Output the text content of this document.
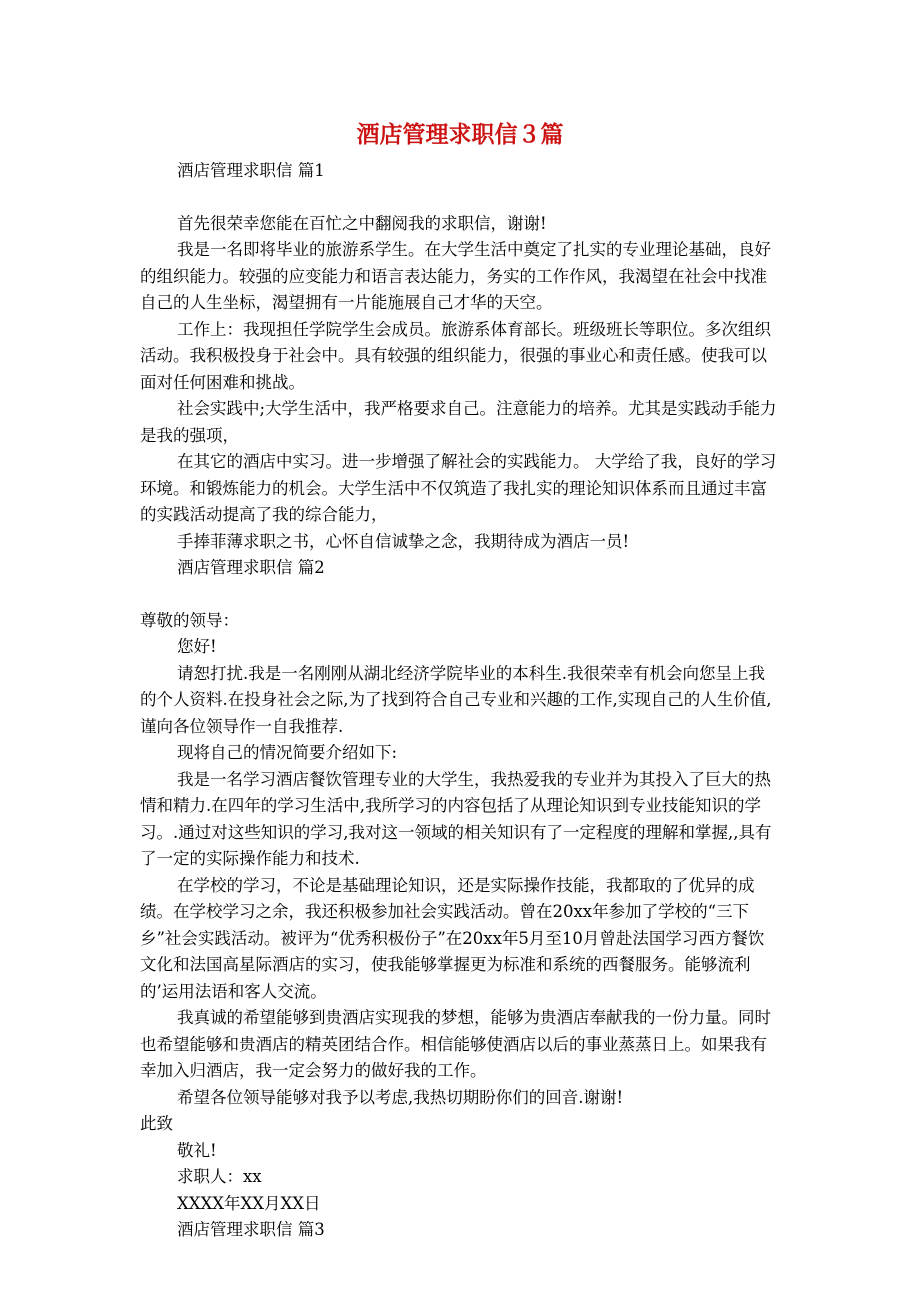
酒店管理求职信３篇

酒店管理求职信 篇1

首先很荣幸您能在百忙之中翻阅我的求职信，谢谢!

我是一名即将毕业的旅游系学生。在大学生活中奠定了扎实的专业理论基础，良好的组织能力。较强的应变能力和语言表达能力，务实的工作作风，我渴望在社会中找准自己的人生坐标，渴望拥有一片能施展自己才华的天空。

工作上：我现担任学院学生会成员。旅游系体育部长。班级班长等职位。多次组织活动。我积极投身于社会中。具有较强的组织能力，很强的事业心和责任感。使我可以面对任何困难和挑战。

社会实践中;大学生活中，我严格要求自己。注意能力的培养。尤其是实践动手能力是我的强项，

在其它的酒店中实习。进一步增强了解社会的实践能力。 大学给了我，良好的学习环境。和锻炼能力的机会。大学生活中不仅筑造了我扎实的理论知识体系而且通过丰富的实践活动提高了我的综合能力，

手捧菲薄求职之书，心怀自信诚挚之念，我期待成为酒店一员!

酒店管理求职信 篇2

尊敬的领导：

您好!

请恕打扰.我是一名刚刚从湖北经济学院毕业的本科生.我很荣幸有机会向您呈上我的个人资料.在投身社会之际,为了找到符合自己专业和兴趣的工作,实现自己的人生价值,谨向各位领导作一自我推荐.

现将自己的情况简要介绍如下:

我是一名学习酒店餐饮管理专业的大学生，我热爱我的专业并为其投入了巨大的热情和精力.在四年的学习生活中,我所学习的内容包括了从理论知识到专业技能知识的学习。.通过对这些知识的学习,我对这一领域的相关知识有了一定程度的理解和掌握,,具有了一定的实际操作能力和技术.

在学校的学习，不论是基础理论知识，还是实际操作技能，我都取的了优异的成绩。在学校学习之余，我还积极参加社会实践活动。曾在20xx年参加了学校的“三下乡”社会实践活动。被评为“优秀积极份子”在20xx年5月至10月曾赴法国学习西方餐饮文化和法国高星际酒店的实习，使我能够掌握更为标准和系统的西餐服务。能够流利的’运用法语和客人交流。

我真诚的希望能够到贵酒店实现我的梦想，能够为贵酒店奉献我的一份力量。同时也希望能够和贵酒店的精英团结合作。相信能够使酒店以后的事业蒸蒸日上。如果我有幸加入归酒店，我一定会努力的做好我的工作。

希望各位领导能够对我予以考虑,我热切期盼你们的回音.谢谢!

此致

敬礼!

求职人：xx

XXXX年XX月XX日

酒店管理求职信 篇3
